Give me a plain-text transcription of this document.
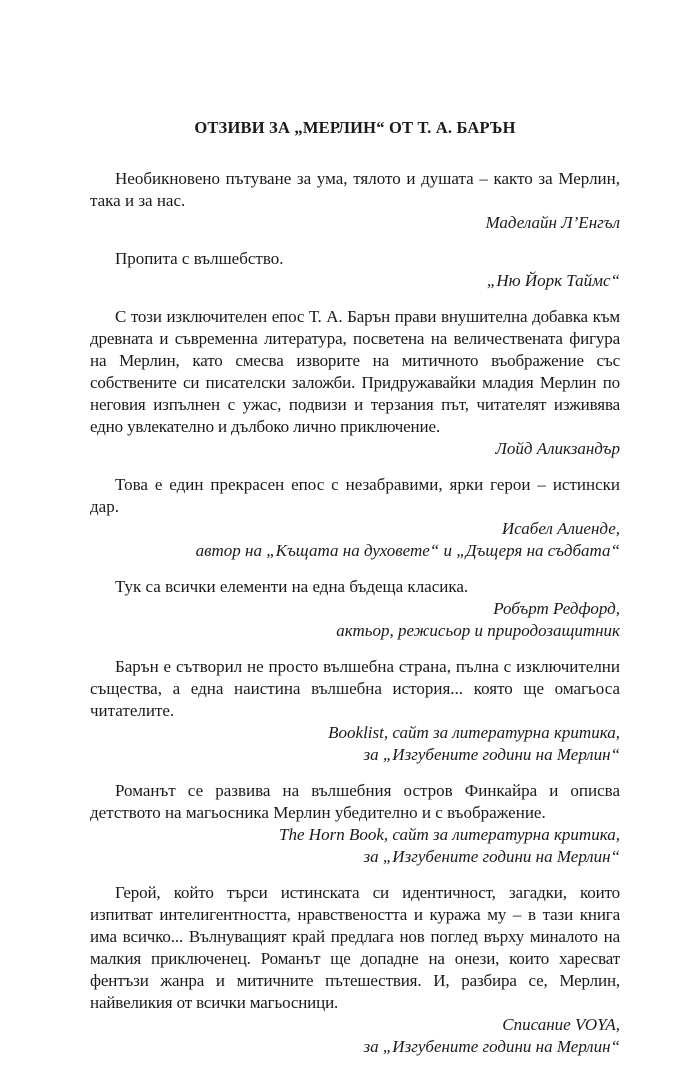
ОТЗИВИ ЗА „МЕРЛИН“ ОТ Т. А. БАРЪН

Необикновено пътуване за ума, тялото и душата – както за Мерлин, така и за нас.

Маделайн Л’Енгъл

Пропита с вълшебство.

„Ню Йорк Таймс“

С този изключителен епос Т. А. Барън прави внушителна добавка към древната и съвременна литература, посветена на величествената фигура на Мерлин, като смесва изворите на митичното въображение със собствените си писателски заложби. Придружавайки младия Мерлин по неговия изпълнен с ужас, подвизи и терзания път, читателят изживява едно увлекателно и дълбоко лично приключение.

Лойд Аликзандър

Това е един прекрасен епос с незабравими, ярки герои – истински дар.

Исабел Алиенде,
автор на „Къщата на духовете“ и „Дъщеря на съдбата“

Тук са всички елементи на една бъдеща класика.

Робърт Редфорд,
актьор, режисьор и природозащитник

Барън е сътворил не просто вълшебна страна, пълна с изключителни същества, а една наистина вълшебна история... която ще омагьоса читателите.

Booklist, сайт за литературна критика,
за „Изгубените години на Мерлин“

Романът се развива на вълшебния остров Финкайра и описва детството на магьосника Мерлин убедително и с въображение.

The Horn Book, сайт за литературна критика,
за „Изгубените години на Мерлин“

Герой, който търси истинската си идентичност, загадки, които изпитват интелигентността, нравствеността и куража му – в тази книга има всичко... Вълнуващият край предлага нов поглед върху миналото на малкия приключенец. Романът ще допадне на онези, които харесват фентъзи жанра и митичните пътешествия. И, разбира се, Мерлин, найвеликия от всички магьосници.

Списание VOYA,
за „Изгубените години на Мерлин“
